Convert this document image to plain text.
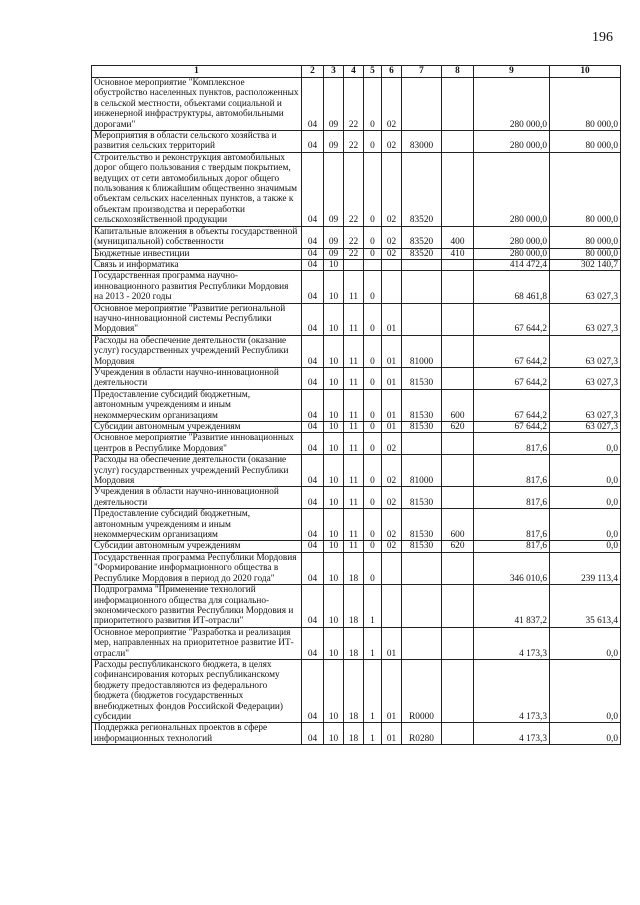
196
1	2	3	4	5	6	7	8	9	10
Основное мероприятие "Комплексное обустройство населенных пунктов, расположенных в сельской местности, объектами социальной и инженерной инфраструктуры, автомобильными дорогами"	04	09	22	0	02			280 000,0	80 000,0
Мероприятия в области сельского хозяйства и развития сельских территорий	04	09	22	0	02	83000		280 000,0	80 000,0
Строительство и реконструкция автомобильных дорог общего пользования с твердым покрытием, ведущих от сети автомобильных дорог общего пользования к ближайшим общественно значимым объектам сельских населенных пунктов, а также к объектам производства и переработки сельскохозяйственной продукции	04	09	22	0	02	83520		280 000,0	80 000,0
Капитальные вложения в объекты государственной (муниципальной) собственности	04	09	22	0	02	83520	400	280 000,0	80 000,0
Бюджетные инвестиции	04	09	22	0	02	83520	410	280 000,0	80 000,0
Связь и информатика	04	10						414 472,4	302 140,7
Государственная программа научно-инновационного развития Республики Мордовия на 2013 - 2020 годы	04	10	11	0				68 461,8	63 027,3
Основное мероприятие "Развитие региональной научно-инновационной системы Республики Мордовия"	04	10	11	0	01			67 644,2	63 027,3
Расходы на обеспечение деятельности (оказание услуг) государственных учреждений Республики Мордовия	04	10	11	0	01	81000		67 644,2	63 027,3
Учреждения в области научно-инновационной деятельности	04	10	11	0	01	81530		67 644,2	63 027,3
Предоставление субсидий бюджетным, автономным учреждениям и иным некоммерческим организациям	04	10	11	0	01	81530	600	67 644,2	63 027,3
Субсидии автономным учреждениям	04	10	11	0	01	81530	620	67 644,2	63 027,3
Основное мероприятие "Развитие инновационных центров в Республике Мордовия"	04	10	11	0	02			817,6	0,0
Расходы на обеспечение деятельности (оказание услуг) государственных учреждений Республики Мордовия	04	10	11	0	02	81000		817,6	0,0
Учреждения в области научно-инновационной деятельности	04	10	11	0	02	81530		817,6	0,0
Предоставление субсидий бюджетным, автономным учреждениям и иным некоммерческим организациям	04	10	11	0	02	81530	600	817,6	0,0
Субсидии автономным учреждениям	04	10	11	0	02	81530	620	817,6	0,0
Государственная программа Республики Мордовия "Формирование информационного общества в Республике Мордовия в период до 2020 года"	04	10	18	0				346 010,6	239 113,4
Подпрограмма "Применение технологий информационного общества для социально-экономического развития Республики Мордовия и приоритетного развития ИТ-отрасли"	04	10	18	1				41 837,2	35 613,4
Основное мероприятие "Разработка и реализация мер, направленных на приоритетное развитие ИТ-отрасли"	04	10	18	1	01			4 173,3	0,0
Расходы республиканского бюджета, в целях софинансирования которых республиканскому бюджету предоставляются из федерального бюджета (бюджетов государственных внебюджетных фондов Российской Федерации) субсидии	04	10	18	1	01	R0000		4 173,3	0,0
Поддержка региональных проектов в сфере информационных технологий	04	10	18	1	01	R0280		4 173,3	0,0
